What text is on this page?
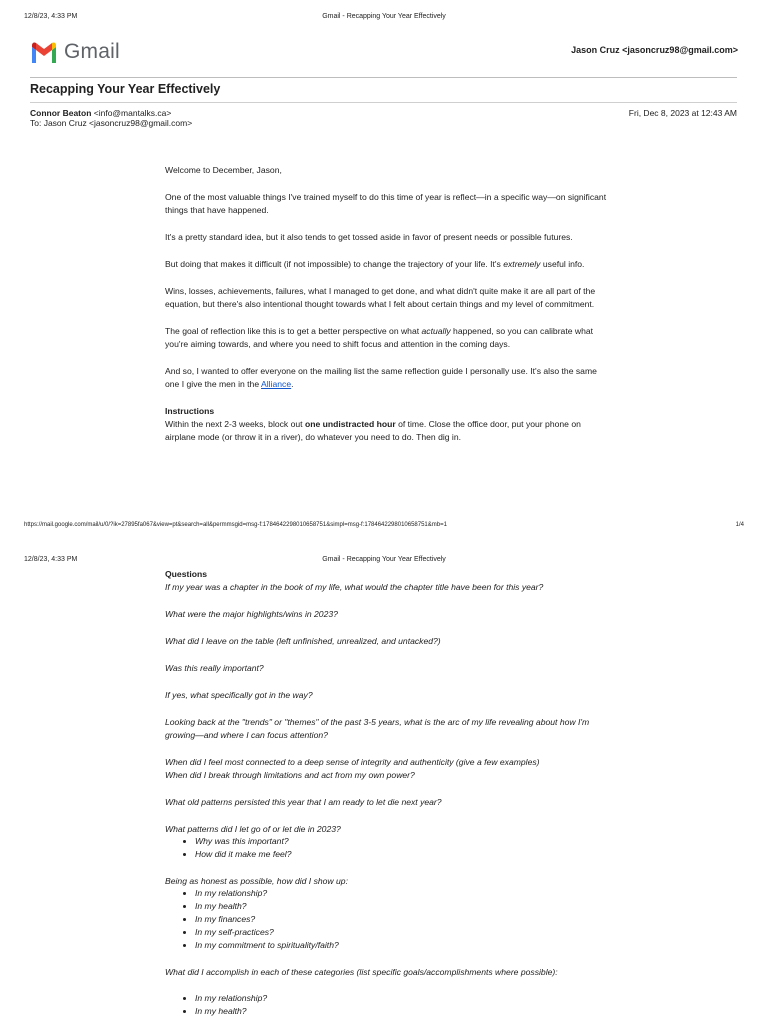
12/8/23, 4:33 PM	Gmail - Recapping Your Year Effectively
Gmail	Jason Cruz <jasoncruz98@gmail.com>
Recapping Your Year Effectively
Connor Beaton <info@mantalks.ca>
To: Jason Cruz <jasoncruz98@gmail.com>
Fri, Dec 8, 2023 at 12:43 AM

Welcome to December, Jason,

One of the most valuable things I've trained myself to do this time of year is reflect—in a specific way—on significant things that have happened.

It's a pretty standard idea, but it also tends to get tossed aside in favor of present needs or possible futures.

But doing that makes it difficult (if not impossible) to change the trajectory of your life. It's extremely useful info.

Wins, losses, achievements, failures, what I managed to get done, and what didn't quite make it are all part of the equation, but there's also intentional thought towards what I felt about certain things and my level of commitment.

The goal of reflection like this is to get a better perspective on what actually happened, so you can calibrate what you're aiming towards, and where you need to shift focus and attention in the coming days.

And so, I wanted to offer everyone on the mailing list the same reflection guide I personally use. It's also the same one I give the men in the Alliance.

Instructions
Within the next 2-3 weeks, block out one undistracted hour of time. Close the office door, put your phone on airplane mode (or throw it in a river), do whatever you need to do. Then dig in.
https://mail.google.com/mail/u/0/?ik=27895fa067&view=pt&search=all&permmsgid=msg-f:1784642298010658751&simpl=msg-f:1784642298010658751&mb=1	1/4
12/8/23, 4:33 PM	Gmail - Recapping Your Year Effectively
Questions

If my year was a chapter in the book of my life, what would the chapter title have been for this year?

What were the major highlights/wins in 2023?

What did I leave on the table (left unfinished, unrealized, and untacked?)

Was this really important?

If yes, what specifically got in the way?

Looking back at the "trends" or "themes" of the past 3-5 years, what is the arc of my life revealing about how I'm growing—and where I can focus attention?

When did I feel most connected to a deep sense of integrity and authenticity (give a few examples)
When did I break through limitations and act from my own power?

What old patterns persisted this year that I am ready to let die next year?

What patterns did I let go of or let die in 2023?
• Why was this important?
• How did it make me feel?
Being as honest as possible, how did I show up:
• In my relationship?
• In my health?
• In my finances?
• In my self-practices?
• In my commitment to spirituality/faith?

What did I accomplish in each of these categories (list specific goals/accomplishments where possible):

• In my relationship?
• In my health?
